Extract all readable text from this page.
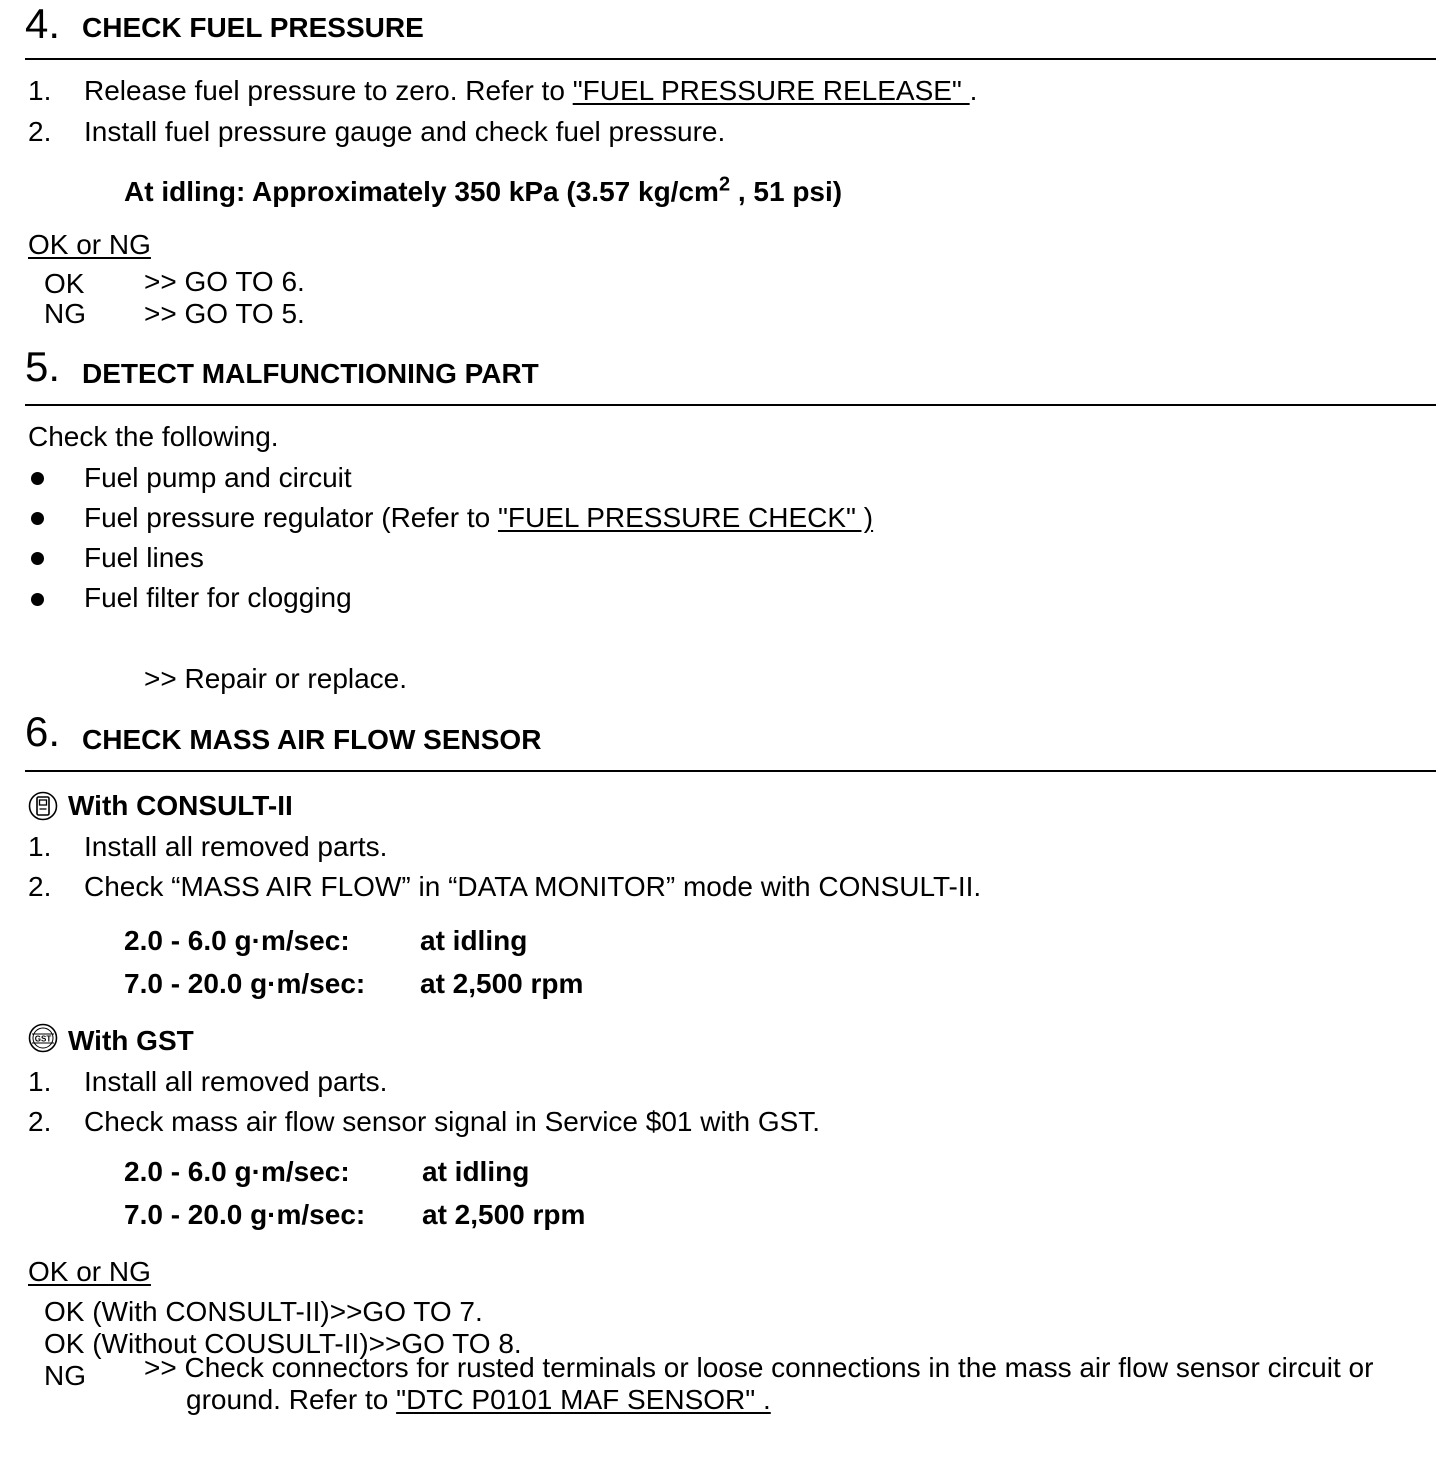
4. CHECK FUEL PRESSURE
1. Release fuel pressure to zero. Refer to "FUEL PRESSURE RELEASE" .
2. Install fuel pressure gauge and check fuel pressure.
At idling: Approximately 350 kPa (3.57 $kg/cm^2$ , 51 psi)
OK or NG
OK >> GO TO 6.
NG >> GO TO 5.
5. DETECT MALFUNCTIONING PART
Check the following.
Fuel pump and circuit
Fuel pressure regulator (Refer to "FUEL PRESSURE CHECK" )
Fuel lines
Fuel filter for clogging
>> Repair or replace.
6. CHECK MASS AIR FLOW SENSOR
With CONSULT-II
1. Install all removed parts.
2. Check “MASS AIR FLOW” in “DATA MONITOR” mode with CONSULT-II.
2.0 - 6.0 g·m/sec:	at idling
7.0 - 20.0 g·m/sec: at 2,500 rpm
GST With GST
1. Install all removed parts.
2. Check mass air flow sensor signal in Service $01 with GST.
2.0 - 6.0 g·m/sec:	at idling
7.0 - 20.0 g·m/sec: at 2,500 rpm
OK or NG
OK (With CONSULT-II)>>GO TO 7.
OK (Without COUSULT-II)>>GO TO 8.
NG >> Check connectors for rusted terminals or loose connections in the mass air flow sensor circuit or
ground. Refer to "DTC P0101 MAF SENSOR" .
